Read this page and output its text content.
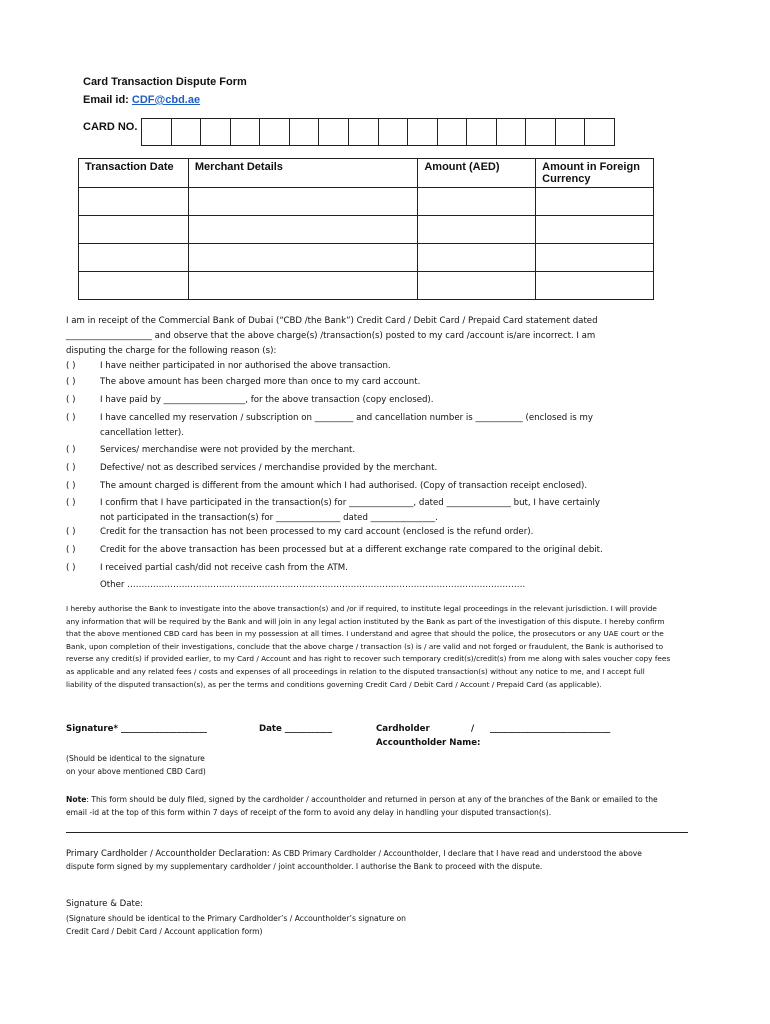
Card Transaction Dispute Form
Email id: CDF@cbd.ae
CARD NO.
Transaction Date	Merchant Details	Amount (AED)	Amount in Foreign Currency

I am in receipt of the Commercial Bank of Dubai (“CBD /the Bank”) Credit Card / Debit Card / Prepaid Card statement dated
____________________ and observe that the above charge(s) /transaction(s) posted to my card /account is/are incorrect. I am
disputing the charge for the following reason (s):
( )	I have neither participated in nor authorised the above transaction.
( )	The above amount has been charged more than once to my card account.
( )	I have paid by ___________________, for the above transaction (copy enclosed).
( )	I have cancelled my reservation / subscription on _________ and cancellation number is ___________ (enclosed is my
cancellation letter).
( )	Services/ merchandise were not provided by the merchant.
( )	Defective/ not as described services / merchandise provided by the merchant.
( )	The amount charged is different from the amount which I had authorised. (Copy of transaction receipt enclosed).
( )	I confirm that I have participated in the transaction(s) for _______________, dated _______________ but, I have certainly
not participated in the transaction(s) for _______________ dated _______________.
( )	Credit for the transaction has not been processed to my card account (enclosed is the refund order).
( )	Credit for the above transaction has been processed but at a different exchange rate compared to the original debit.
( )	I received partial cash/did not receive cash from the ATM.
Other ………………………………………………………………………………………………………………………….
I hereby authorise the Bank to investigate into the above transaction(s) and /or if required, to institute legal proceedings in the relevant jurisdiction. I will provide any information that will be required by the Bank and will join in any legal action instituted by the Bank as part of the investigation of this dispute. I hereby confirm that the above mentioned CBD card has been in my possession at all times. I understand and agree that should the police, the prosecutors or any UAE court or the Bank, upon completion of their investigations, conclude that the above charge / transaction (s) is / are valid and not forged or fraudulent, the Bank is authorised to reverse any credit(s) if provided earlier, to my Card / Account and has right to recover such temporary credit(s)/credit(s) from me along with sales voucher copy fees as applicable and any related fees / costs and expenses of all proceedings in relation to the disputed transaction(s) without any notice to me, and I accept full liability of the disputed transaction(s), as per the terms and conditions governing Credit Card / Debit Card / Account / Prepaid Card (as applicable).
Signature* ____________________	Date ___________	Cardholder	/ ____________________________
Accountholder Name:
(Should be identical to the signature
on your above mentioned CBD Card)
Note: This form should be duly filed, signed by the cardholder / accountholder and returned in person at any of the branches of the Bank or emailed to the email -id at the top of this form within 7 days of receipt of the form to avoid any delay in handling your disputed transaction(s).
Primary Cardholder / Accountholder Declaration: As CBD Primary Cardholder / Accountholder, I declare that I have read and understood the above dispute form signed by my supplementary cardholder / joint accountholder. I authorise the Bank to proceed with the dispute.
Signature & Date:
(Signature should be identical to the Primary Cardholder’s / Accountholder’s signature on
Credit Card / Debit Card / Account application form)
